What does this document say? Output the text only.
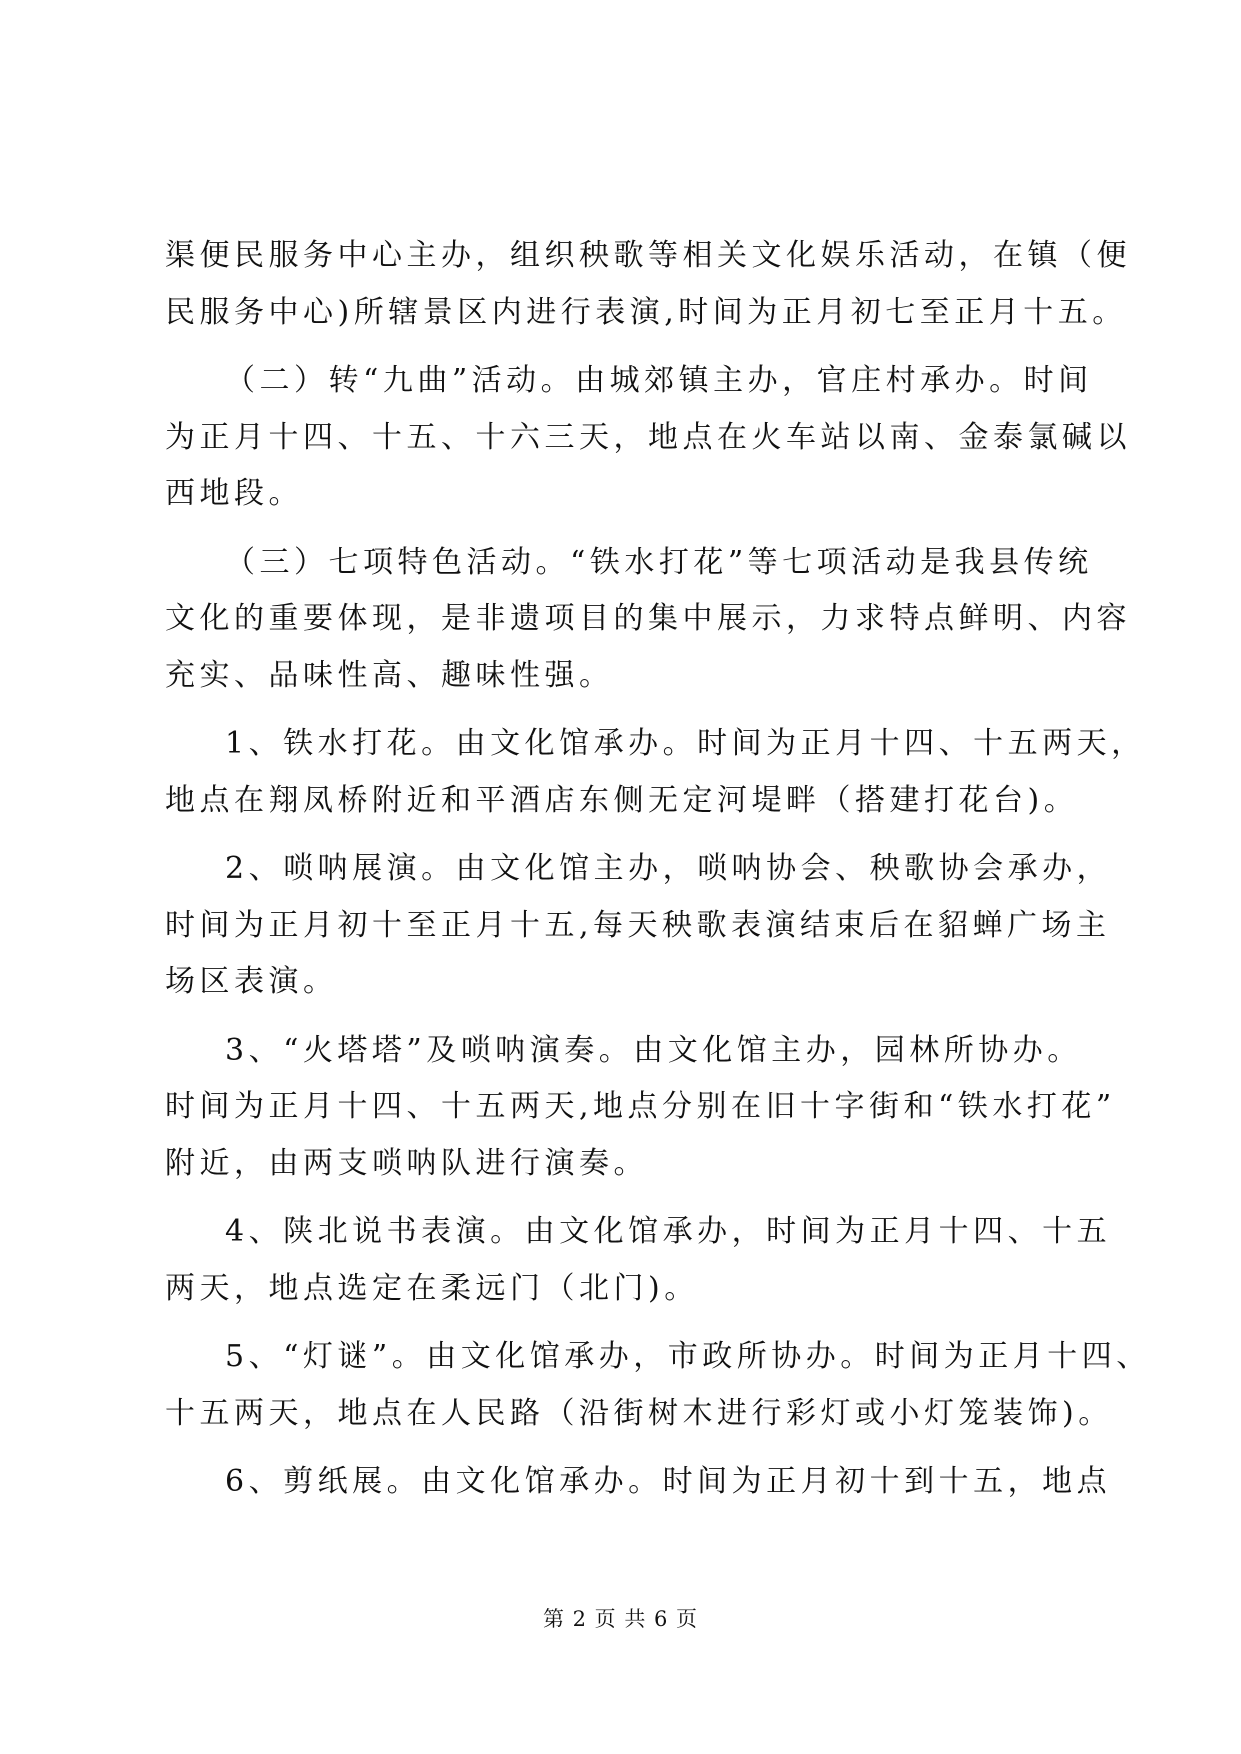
渠便民服务中心主办，组织秧歌等相关文化娱乐活动，在镇（便
民服务中心)所辖景区内进行表演,时间为正月初七至正月十五。
（二）转“九曲”活动。由城郊镇主办，官庄村承办。时间
为正月十四、十五、十六三天，地点在火车站以南、金泰氯碱以
西地段。
（三）七项特色活动。“铁水打花”等七项活动是我县传统
文化的重要体现，是非遗项目的集中展示，力求特点鲜明、内容
充实、品味性高、趣味性强。
1、铁水打花。由文化馆承办。时间为正月十四、十五两天，
地点在翔凤桥附近和平酒店东侧无定河堤畔（搭建打花台)。
2、唢呐展演。由文化馆主办，唢呐协会、秧歌协会承办，
时间为正月初十至正月十五,每天秧歌表演结束后在貂蝉广场主
场区表演。
3、“火塔塔”及唢呐演奏。由文化馆主办，园林所协办。
时间为正月十四、十五两天,地点分别在旧十字街和“铁水打花”
附近，由两支唢呐队进行演奏。
4、陕北说书表演。由文化馆承办，时间为正月十四、十五
两天，地点选定在柔远门（北门)。
5、“灯谜”。由文化馆承办，市政所协办。时间为正月十四、
十五两天，地点在人民路（沿街树木进行彩灯或小灯笼装饰)。
6、剪纸展。由文化馆承办。时间为正月初十到十五，地点
第 2 页 共 6 页
